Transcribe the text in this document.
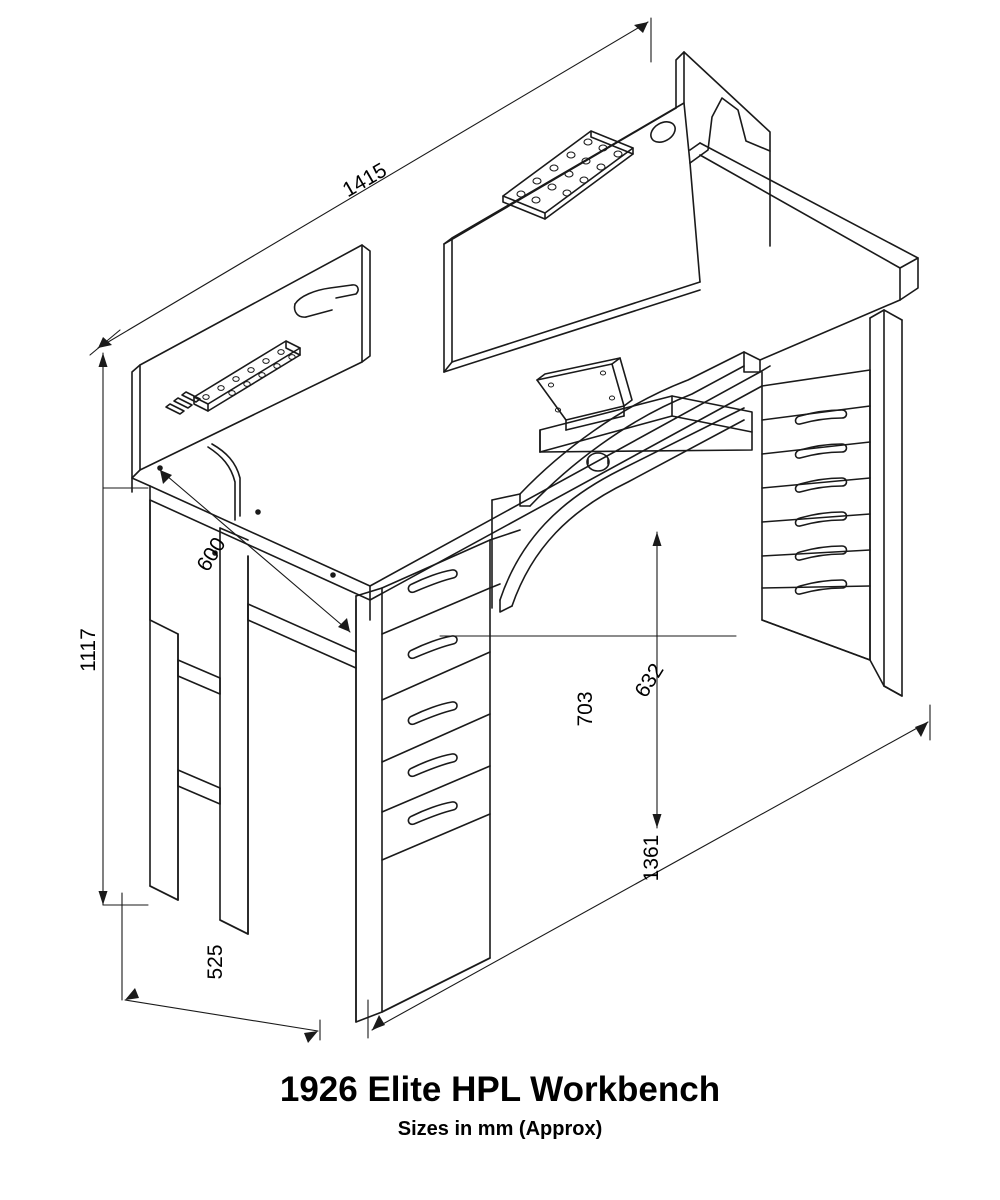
1415
1117
600
525
1361
703
632
1926 Elite HPL Workbench
Sizes in mm (Approx)
